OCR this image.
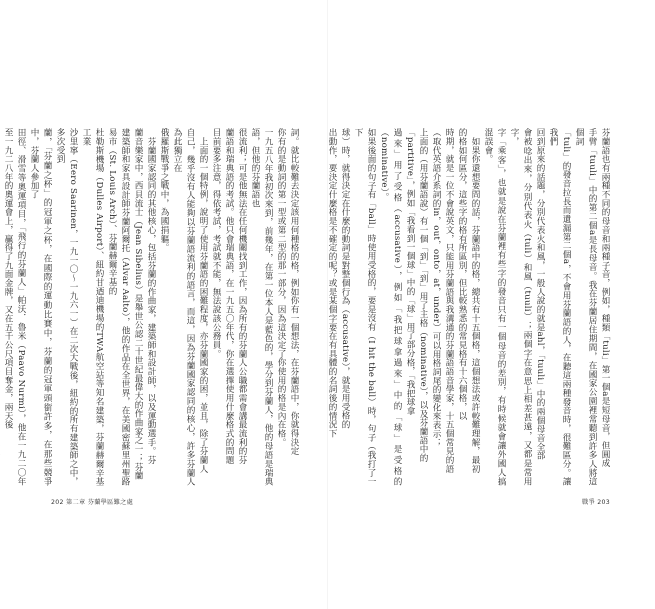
詞。就比較難去決定該用何種格的格，例如你有一個想法，在芬蘭語中，你就得決定
你有的是動詞的第一型或第二型的那一部分，因為這決定了你使用的格是內在格。
一九五八年我初次來到，前幾年，在第一位本人是藍色的，學分到芬蘭人，他的母語是瑞典語，但他的芬蘭語也
很流利；可是他無法在任何機關找到工作，因為所有的芬蘭人公職都需會講最流利的芬
蘭語和瑞典語的考試。他只會瑞典語，在一九五〇年代，你在選擇使用什麼格式的問題
目前要多注意，得依考試，考試就不能，無法說該公務員。
　上面的一個特例，說明了使用芬蘭語的困難程度，亦芬蘭國家的困，並且，除了芬蘭人
自己，幾乎沒有人能夠以芬蘭語流利的語言，而這，因為芬蘭國家認同的核心，許多芬蘭人為此獨立在
俄羅斯戰爭之戰中，為國捐軀。
　芬蘭國家認同的其他核心，包括芬蘭的作曲家，建築師和設計師，以及運動選手。芬
蘭音樂家中，西貝流士（Jean Sibelius）是舉世公認二十世紀最偉大的作曲家之一；芬蘭
建築師和家具設計師芬蘭阿爾托（Alvar Aalto），他的作品在全世界，在美國密蘇里州聖路易市（St. Louis Arch）、芬蘭赫爾辛基的
杜勒斯機場（Dulles Airport）、紐約甘迺迪機場的TWA航空站等知名建築，芬蘭赫爾辛基工業
沙里寧（Eero Saarinen，一九一〇～一九六一）在二次大戰後，紐約的所有建築師之中，多次受到
蘭，「芬蘭之杯」的冠軍之杯，在國際的運動比賽中，芬蘭的冠軍頭銜許多，在那些競爭中，芬蘭人參加了
田徑、滑雪等奧運項目，「飛行的芬蘭人」帕沃．魯米（Paavo Nurmi），他在一九二〇年至一九二八年的奧運會上，贏得了九面金牌，又在五千公尺項目奪金，兩天後

202 第二章 芬蘭學區難之處
芬蘭語也有兩種不同的母音和兩種子音，例如，種類「tuli」第一個a是短母音，但圓成
手臂「tuuli」中的第二個a是長母音。我在芬蘭居住期間，在國家公園裡常聽到許多人將這個詞
「tuli」的發音拉長而遺漏第二個a，不會用芬蘭語的人，在聽這兩種發音時，很難區分。讓我們
回到原來的話題，分別代表火和風，一般人說的就是ahl，「tuuli」中的兩個母音全部
會被唸出來，分別代表火（tuli）和風（tuuli）；兩個字在意思上相差甚遠，又都是常用字，
字「乘客」，也就是說在芬蘭裡有些字的發音只有一個母音的差別，有時候就會讓外國人搞混誤會。
　如果你還想要問的話，芬蘭語中的格，總共有十五個格，這個想法或許較難理解，最初
的格如何區分，這些字的格有所區別，但比較熟悉的常見格有十六個格，以
時期，就是一位不會說英文，只能用芬蘭語與我溝通的芬蘭語語音學家，十五個常見的語
（取代英語介系詞的in，out，onto，at，under）可以用格詞尾的變化來表示；
上面的（用芬蘭語說）有一個「到」「到」用了主格（nominative），以及芬蘭語中的
「partitive」，例如「我看到一個球」中的「球」用了部分格，「我把球拿
過來」用了受格（accusative），例如「我把球拿過來」中的「球」是受格的（nominative）。
如果後面的句子有「ball」時使用受格的，要是沒有（I hit the ball）時，句子（我打了一下
球）時，就得決定在什麼的動詞是對整個行為（accusative），就是用受格的
出動作，要決定什麼格是不確定的呢？或是某個字要在有具體的名詞後的情況下
戰爭 203
